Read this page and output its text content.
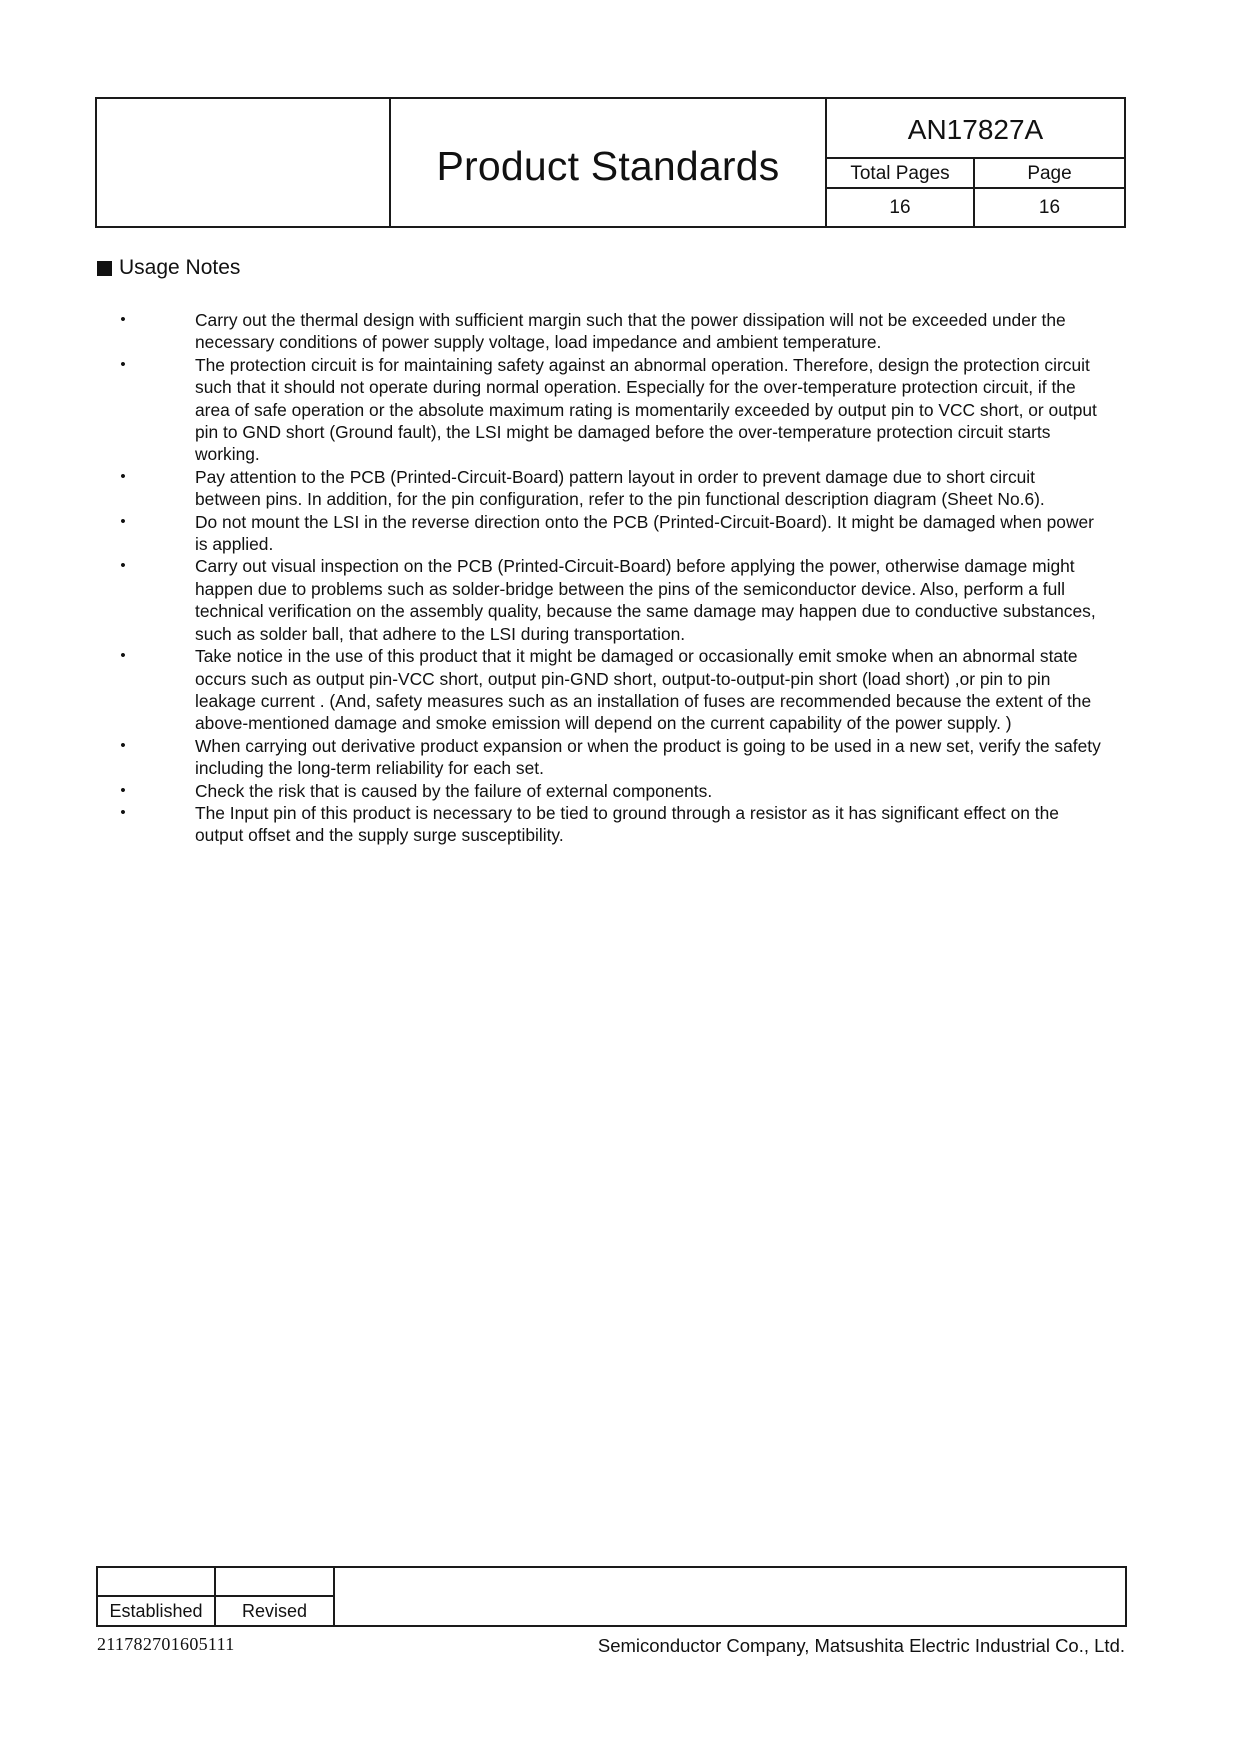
Product Standards
AN17827A
Total Pages	Page
16	16
Usage Notes
•	Carry out the thermal design with sufficient margin such that the power dissipation will not be exceeded under the necessary conditions of power supply voltage, load impedance and ambient temperature.
•	The protection circuit is for maintaining safety against an abnormal operation. Therefore, design the protection circuit such that it should not operate during normal operation. Especially for the over-temperature protection circuit, if the area of safe operation or the absolute maximum rating is momentarily exceeded by output pin to VCC short, or output pin to GND short (Ground fault), the LSI might be damaged before the over-temperature protection circuit starts working.
•	Pay attention to the PCB (Printed-Circuit-Board) pattern layout in order to prevent damage due to short circuit between pins. In addition, for the pin configuration, refer to the pin functional description diagram (Sheet No.6).
•	Do not mount the LSI in the reverse direction onto the PCB (Printed-Circuit-Board). It might be damaged when power is applied.
•	Carry out visual inspection on the PCB (Printed-Circuit-Board) before applying the power, otherwise damage might happen due to problems such as solder-bridge between the pins of the semiconductor device. Also, perform a full technical verification on the assembly quality, because the same damage may happen due to conductive substances, such as solder ball, that adhere to the LSI during transportation.
•	Take notice in the use of this product that it might be damaged or occasionally emit smoke when an abnormal state occurs such as output pin-VCC short, output pin-GND short, output-to-output-pin short (load short) ,or pin to pin leakage current . (And, safety measures such as an installation of fuses are recommended because the extent of the above-mentioned damage and smoke emission will depend on the current capability of the power supply. )
•	When carrying out derivative product expansion or when the product is going to be used in a new set, verify the safety including the long-term reliability for each set.
•	Check the risk that is caused by the failure of external components.
•	The Input pin of this product is necessary to be tied to ground through a resistor as it has significant effect on the output offset and the supply surge susceptibility.
Established	Revised
211782701605111	Semiconductor Company, Matsushita Electric Industrial Co., Ltd.
